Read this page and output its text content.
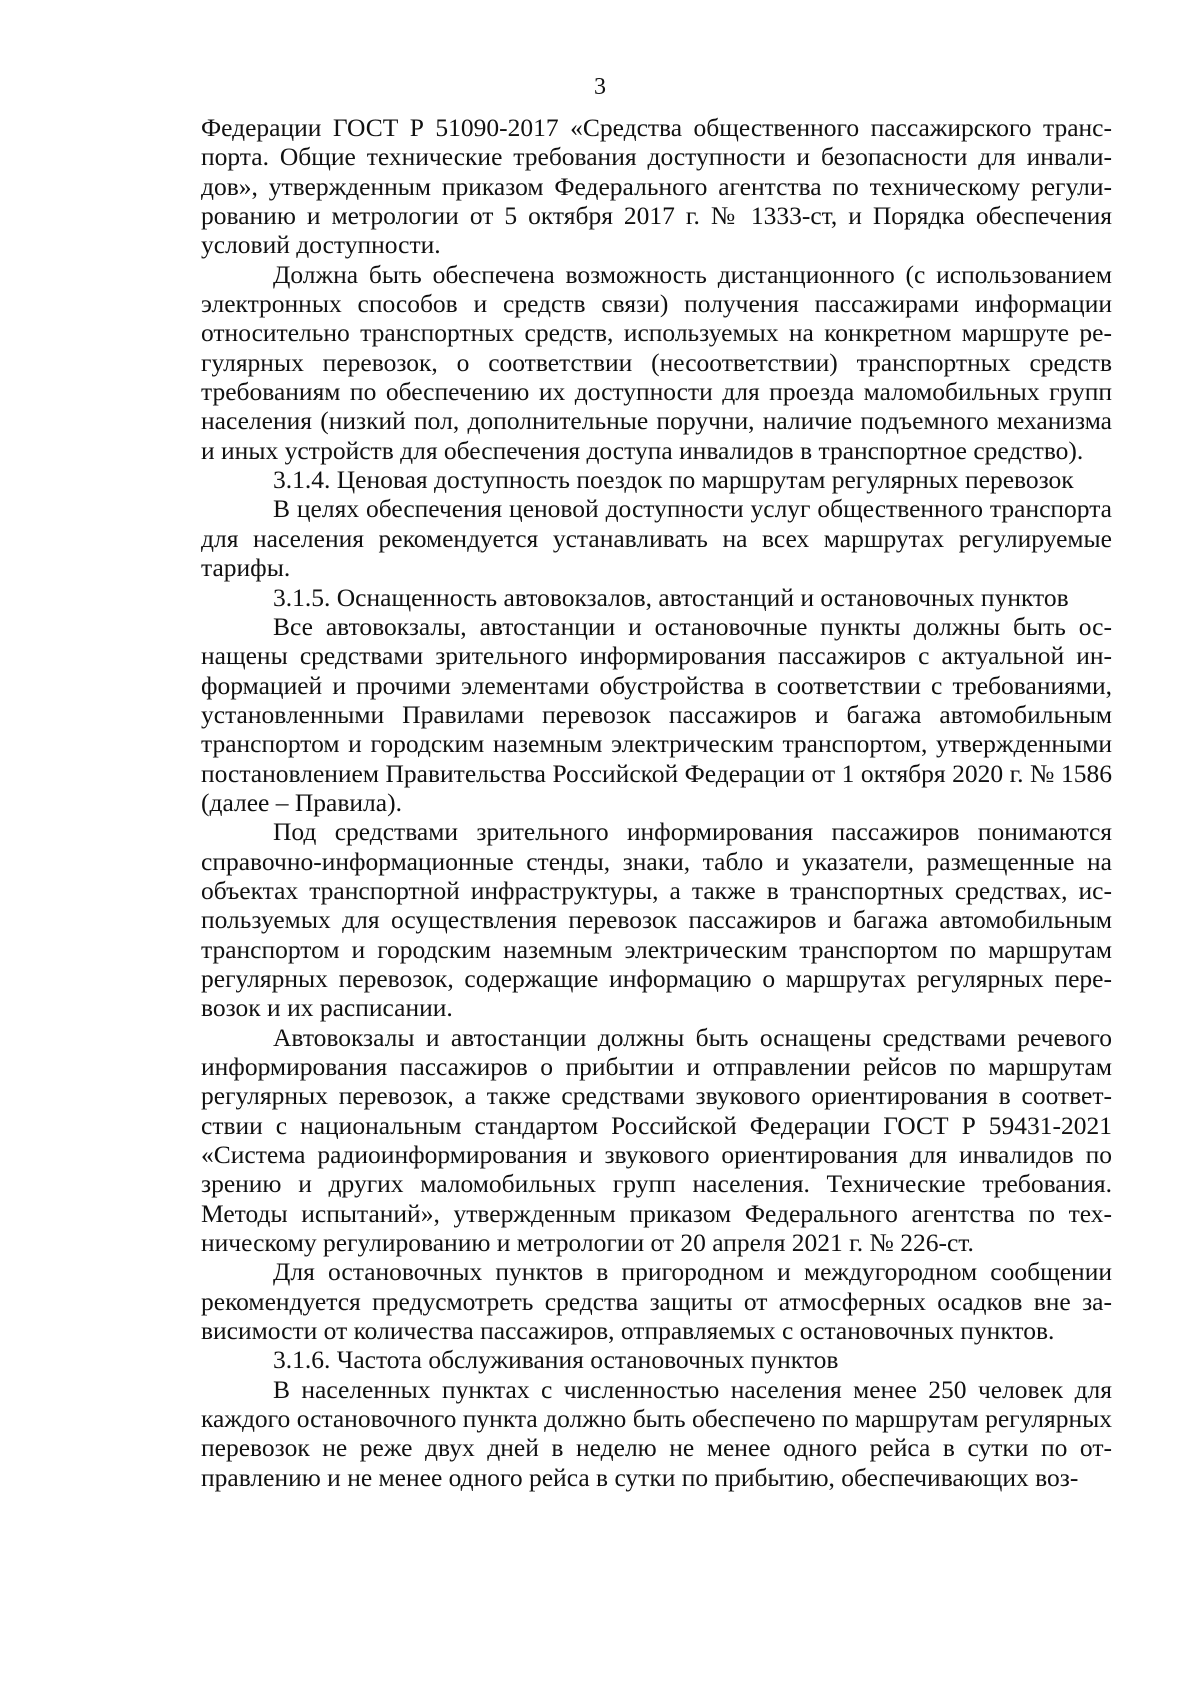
3

Федерации ГОСТ Р 51090-2017 «Средства общественного пассажирского транспорта. Общие технические требования доступности и безопасности для инвалидов», утвержденным приказом Федерального агентства по техническому регулированию и метрологии от 5 октября 2017 г. № 1333-ст, и Порядка обеспечения условий доступности.

Должна быть обеспечена возможность дистанционного (с использованием электронных способов и средств связи) получения пассажирами информации относительно транспортных средств, используемых на конкретном маршруте регулярных перевозок, о соответствии (несоответствии) транспортных средств требованиям по обеспечению их доступности для проезда маломобильных групп населения (низкий пол, дополнительные поручни, наличие подъемного механизма и иных устройств для обеспечения доступа инвалидов в транспортное средство).

3.1.4. Ценовая доступность поездок по маршрутам регулярных перевозок

В целях обеспечения ценовой доступности услуг общественного транспорта для населения рекомендуется устанавливать на всех маршрутах регулируемые тарифы.

3.1.5. Оснащенность автовокзалов, автостанций и остановочных пунктов

Все автовокзалы, автостанции и остановочные пункты должны быть оснащены средствами зрительного информирования пассажиров с актуальной информацией и прочими элементами обустройства в соответствии с требованиями, установленными Правилами перевозок пассажиров и багажа автомобильным транспортом и городским наземным электрическим транспортом, утвержденными постановлением Правительства Российской Федерации от 1 октября 2020 г. № 1586 (далее – Правила).

Под средствами зрительного информирования пассажиров понимаются справочно-информационные стенды, знаки, табло и указатели, размещенные на объектах транспортной инфраструктуры, а также в транспортных средствах, используемых для осуществления перевозок пассажиров и багажа автомобильным транспортом и городским наземным электрическим транспортом по маршрутам регулярных перевозок, содержащие информацию о маршрутах регулярных перевозок и их расписании.

Автовокзалы и автостанции должны быть оснащены средствами речевого информирования пассажиров о прибытии и отправлении рейсов по маршрутам регулярных перевозок, а также средствами звукового ориентирования в соответствии с национальным стандартом Российской Федерации ГОСТ Р 59431-2021 «Система радиоинформирования и звукового ориентирования для инвалидов по зрению и других маломобильных групп населения. Технические требования. Методы испытаний», утвержденным приказом Федерального агентства по техническому регулированию и метрологии от 20 апреля 2021 г. № 226-ст.

Для остановочных пунктов в пригородном и междугородном сообщении рекомендуется предусмотреть средства защиты от атмосферных осадков вне зависимости от количества пассажиров, отправляемых с остановочных пунктов.

3.1.6. Частота обслуживания остановочных пунктов

В населенных пунктах с численностью населения менее 250 человек для каждого остановочного пункта должно быть обеспечено по маршрутам регулярных перевозок не реже двух дней в неделю не менее одного рейса в сутки по отправлению и не менее одного рейса в сутки по прибытию, обеспечивающих воз-
